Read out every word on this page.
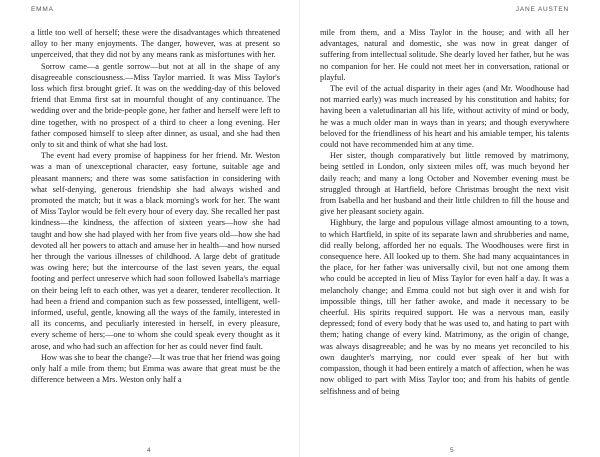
EMMA

a little too well of herself; these were the disadvantages which threatened alloy to her many enjoyments. The danger, however, was at present so unperceived, that they did not by any means rank as misfortunes with her.

Sorrow came—a gentle sorrow—but not at all in the shape of any disagreeable consciousness.—Miss Taylor married. It was Miss Taylor's loss which first brought grief. It was on the wedding-day of this beloved friend that Emma first sat in mournful thought of any continuance. The wedding over and the bride-people gone, her father and herself were left to dine together, with no prospect of a third to cheer a long evening. Her father composed himself to sleep after dinner, as usual, and she had then only to sit and think of what she had lost.

The event had every promise of happiness for her friend. Mr. Weston was a man of unexceptional character, easy fortune, suitable age and pleasant manners; and there was some satisfaction in considering with what self-denying, generous friendship she had always wished and promoted the match; but it was a black morning's work for her. The want of Miss Taylor would be felt every hour of every day. She recalled her past kindness—the kindness, the affection of sixteen years—how she had taught and how she had played with her from five years old—how she had devoted all her powers to attach and amuse her in health—and how nursed her through the various illnesses of childhood. A large debt of gratitude was owing here; but the intercourse of the last seven years, the equal footing and perfect unreserve which had soon followed Isabella's marriage on their being left to each other, was yet a dearer, tenderer recollection. It had been a friend and companion such as few possessed, intelligent, well-informed, useful, gentle, knowing all the ways of the family, interested in all its concerns, and peculiarly interested in herself, in every pleasure, every scheme of hers;—one to whom she could speak every thought as it arose, and who had such an affection for her as could never find fault.

How was she to bear the change?—It was true that her friend was going only half a mile from them; but Emma was aware that great must be the difference between a Mrs. Weston only half a

4
JANE AUSTEN

mile from them, and a Miss Taylor in the house; and with all her advantages, natural and domestic, she was now in great danger of suffering from intellectual solitude. She dearly loved her father, but he was no companion for her. He could not meet her in conversation, rational or playful.

The evil of the actual disparity in their ages (and Mr. Woodhouse had not married early) was much increased by his constitution and habits; for having been a valetudinarian all his life, without activity of mind or body, he was a much older man in ways than in years; and though everywhere beloved for the friendliness of his heart and his amiable temper, his talents could not have recommended him at any time.

Her sister, though comparatively but little removed by matrimony, being settled in London, only sixteen miles off, was much beyond her daily reach; and many a long October and November evening must be struggled through at Hartfield, before Christmas brought the next visit from Isabella and her husband and their little children to fill the house and give her pleasant society again.

Highbury, the large and populous village almost amounting to a town, to which Hartfield, in spite of its separate lawn and shrubberies and name, did really belong, afforded her no equals. The Woodhouses were first in consequence here. All looked up to them. She had many acquaintances in the place, for her father was universally civil, but not one among them who could be accepted in lieu of Miss Taylor for even half a day. It was a melancholy change; and Emma could not but sigh over it and wish for impossible things, till her father awoke, and made it necessary to be cheerful. His spirits required support. He was a nervous man, easily depressed; fond of every body that he was used to, and hating to part with them; hating change of every kind. Matrimony, as the origin of change, was always disagreeable; and he was by no means yet reconciled to his own daughter's marrying, nor could ever speak of her but with compassion, though it had been entirely a match of affection, when he was now obliged to part with Miss Taylor too; and from his habits of gentle selfishness and of being

5
